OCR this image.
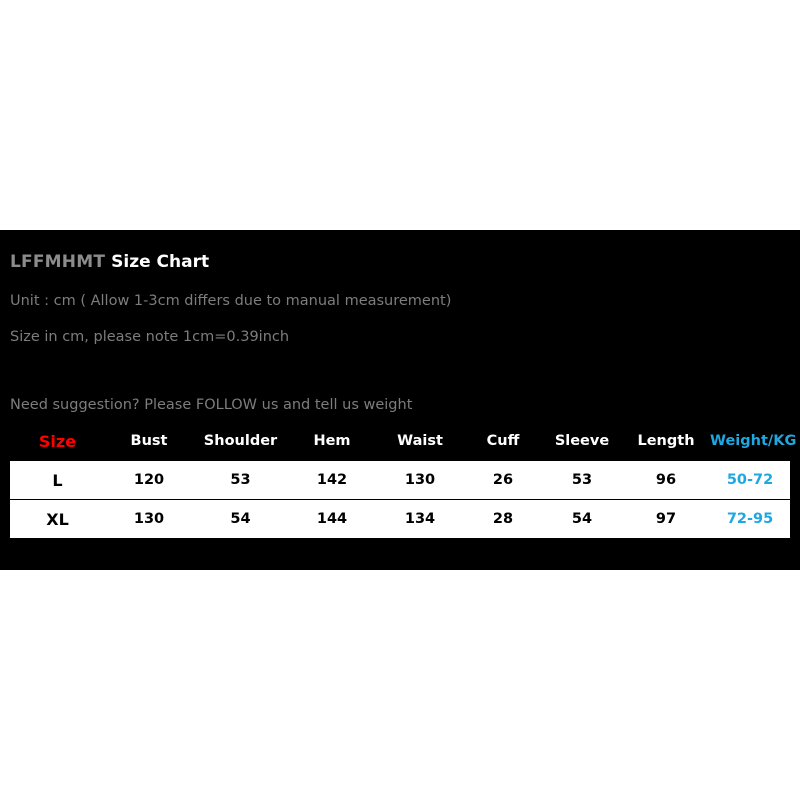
LFFMHMT Size Chart
Unit : cm ( Allow 1-3cm differs due to manual measurement)
Size in cm, please note 1cm=0.39inch
Need suggestion? Please FOLLOW us and tell us weight
Size	Bust	Shoulder	Hem	Waist	Cuff	Sleeve	Length	Weight/KG
L	120	53	142	130	26	53	96	50-72
XL	130	54	144	134	28	54	97	72-95
